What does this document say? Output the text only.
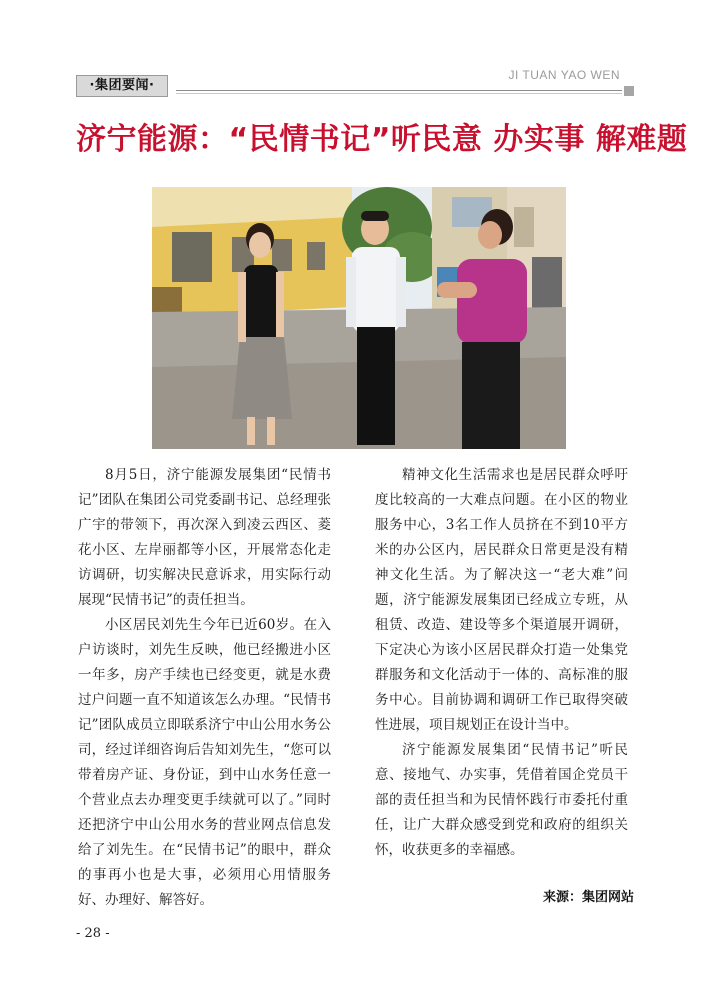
·集团要闻·
JI TUAN YAO WEN
济宁能源：“民情书记”听民意 办实事 解难题

8月5日，济宁能源发展集团“民情书记”团队在集团公司党委副书记、总经理张广宇的带领下，再次深入到凌云西区、菱花小区、左岸丽都等小区，开展常态化走访调研，切实解决民意诉求，用实际行动展现“民情书记”的责任担当。

小区居民刘先生今年已近60岁。在入户访谈时，刘先生反映，他已经搬进小区一年多，房产手续也已经变更，就是水费过户问题一直不知道该怎么办理。“民情书记”团队成员立即联系济宁中山公用水务公司，经过详细咨询后告知刘先生，“您可以带着房产证、身份证，到中山水务任意一个营业点去办理变更手续就可以了。”同时还把济宁中山公用水务的营业网点信息发给了刘先生。在“民情书记”的眼中，群众的事再小也是大事，必须用心用情服务好、办理好、解答好。

精神文化生活需求也是居民群众呼吁度比较高的一大难点问题。在小区的物业服务中心，3名工作人员挤在不到10平方米的办公区内，居民群众日常更是没有精神文化生活。为了解决这一“老大难”问题，济宁能源发展集团已经成立专班，从租赁、改造、建设等多个渠道展开调研，下定决心为该小区居民群众打造一处集党群服务和文化活动于一体的、高标准的服务中心。目前协调和调研工作已取得突破性进展，项目规划正在设计当中。

济宁能源发展集团“民情书记”听民意、接地气、办实事，凭借着国企党员干部的责任担当和为民情怀践行市委托付重任，让广大群众感受到党和政府的组织关怀，收获更多的幸福感。

来源：集团网站
- 28 -
